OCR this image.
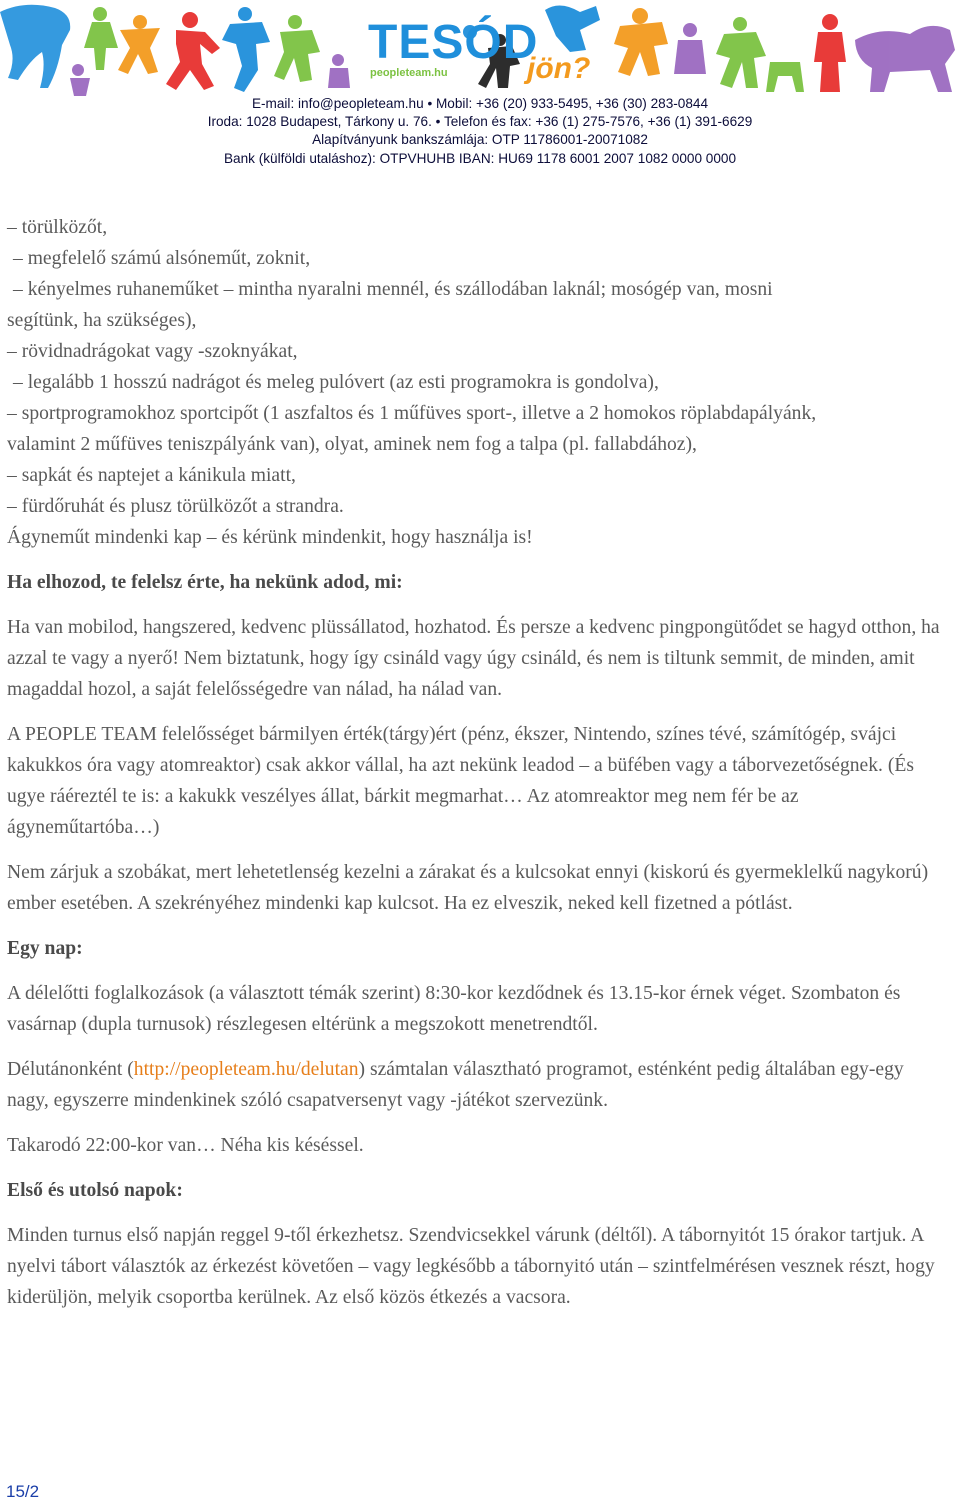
TESÓD
jön?
peopleteam.hu
E-mail: info@peopleteam.hu • Mobil: +36 (20) 933-5495, +36 (30) 283-0844
Iroda: 1028 Budapest, Tárkony u. 76. • Telefon és fax: +36 (1) 275-7576, +36 (1) 391-6629
Alapítványunk bankszámlája: OTP 11786001-20071082
Bank (külföldi utaláshoz): OTPVHUHB IBAN: HU69 1178 6001 2007 1082 0000 0000

– törülközőt,

– megfelelő számú alsóneműt, zoknit,

– kényelmes ruhaneműket – mintha nyaralni mennél, és szállodában laknál; mosógép van, mosni

segítünk, ha szükséges),

– rövidnadrágokat vagy -szoknyákat,

– legalább 1 hosszú nadrágot és meleg pulóvert (az esti programokra is gondolva),

– sportprogramokhoz sportcipőt (1 aszfaltos és 1 műfüves sport-, illetve a 2 homokos röplabdapályánk,

valamint 2 műfüves teniszpályánk van), olyat, aminek nem fog a talpa (pl. fallabdához),

– sapkát és naptejet a kánikula miatt,

– fürdőruhát és plusz törülközőt a strandra.

Ágyneműt mindenki kap – és kérünk mindenkit, hogy használja is!

Ha elhozod, te felelsz érte, ha nekünk adod, mi:

Ha van mobilod, hangszered, kedvenc plüssállatod, hozhatod. És persze a kedvenc pingpongütődet se hagyd otthon, ha azzal te vagy a nyerő! Nem biztatunk, hogy így csináld vagy úgy csináld, és nem is tiltunk semmit, de minden, amit magaddal hozol, a saját felelősségedre van nálad, ha nálad van.

A PEOPLE TEAM felelősséget bármilyen érték(tárgy)ért (pénz, ékszer, Nintendo, színes tévé, számítógép, svájci kakukkos óra vagy atomreaktor) csak akkor vállal, ha azt nekünk leadod – a büfében vagy a táborvezetőségnek. (És ugye ráéreztél te is: a kakukk veszélyes állat, bárkit megmarhat… Az atomreaktor meg nem fér be az ágyneműtartóba…)

Nem zárjuk a szobákat, mert lehetetlenség kezelni a zárakat és a kulcsokat ennyi (kiskorú és gyermeklelkű nagykorú) ember esetében. A szekrényéhez mindenki kap kulcsot. Ha ez elveszik, neked kell fizetned a pótlást.

Egy nap:

A délelőtti foglalkozások (a választott témák szerint) 8:30-kor kezdődnek és 13.15-kor érnek véget. Szombaton és vasárnap (dupla turnusok) részlegesen eltérünk a megszokott menetrendtől.

Délutánonként (http://peopleteam.hu/delutan) számtalan választható programot, esténként pedig általában egy-egy nagy, egyszerre mindenkinek szóló csapatversenyt vagy -játékot szervezünk.

Takarodó 22:00-kor van… Néha kis késéssel.

Első és utolsó napok:

Minden turnus első napján reggel 9-től érkezhetsz. Szendvicsekkel várunk (déltől). A tábornyitót 15 órakor tartjuk. A nyelvi tábort választók az érkezést követően – vagy legkésőbb a tábornyitó után – szintfelmérésen vesznek részt, hogy kiderüljön, melyik csoportba kerülnek. Az első közös étkezés a vacsora.

15/2
